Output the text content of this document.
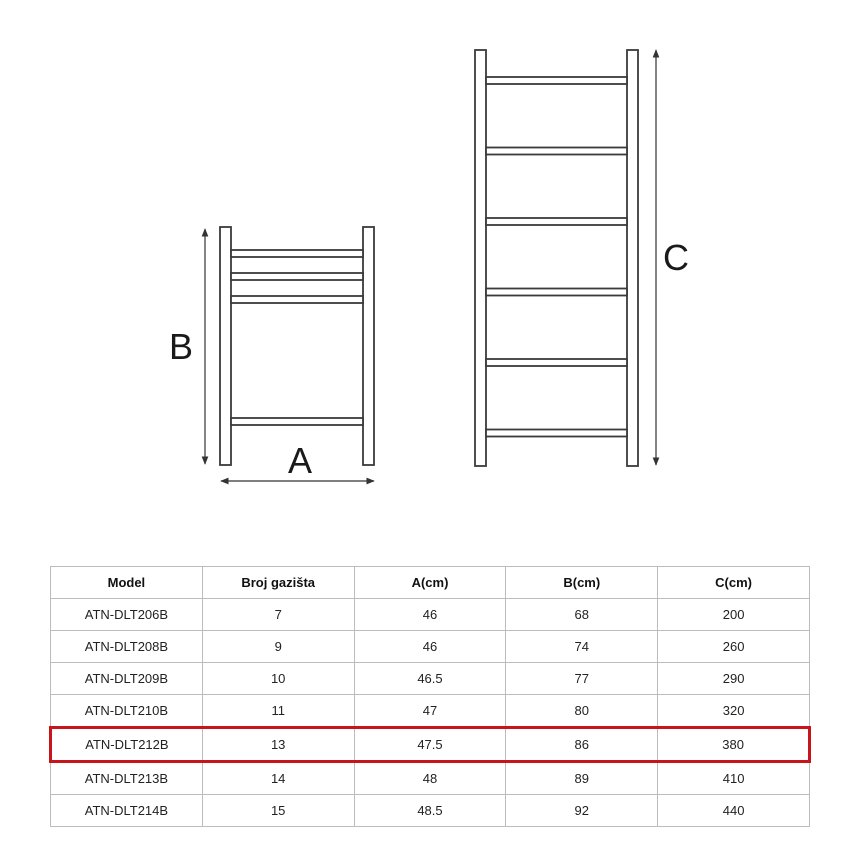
B
A
C
Model	Broj gazišta	A(cm)	B(cm)	C(cm)
ATN-DLT206B	7	46	68	200
ATN-DLT208B	9	46	74	260
ATN-DLT209B	10	46.5	77	290
ATN-DLT210B	11	47	80	320
ATN-DLT212B	13	47.5	86	380
ATN-DLT213B	14	48	89	410
ATN-DLT214B	15	48.5	92	440
